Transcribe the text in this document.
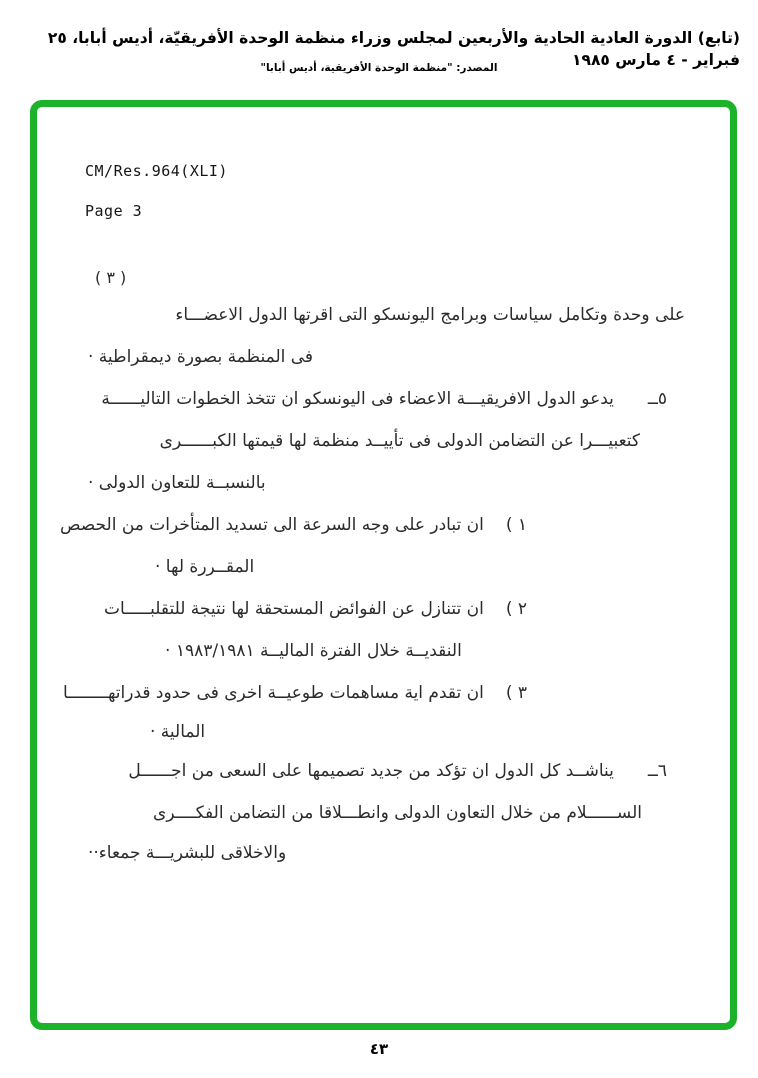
(تابع) الدورة العادية الحادية والأربعين لمجلس وزراء منظمة الوحدة الأفريقيّة، أديس أبابا، ٢٥ فبراير - ٤ مارس ١٩٨٥
المصدر: "منظمة الوحدة الأفريقية، أديس أبابا"
CM/Res.964(XLI)
Page 3
( ٣ )
على وحدة وتكامل سياسات وبرامج اليونسكو التى اقرتها الدول الاعضـــاء
فى المنظمة بصورة ديمقراطية ·
٥ــ
يدعو الدول الافريقيـــة الاعضاء فى اليونسكو ان تتخذ الخطوات التاليــــــة
كتعبيـــرا عن التضامن الدولى فى تأييــد منظمة لها قيمتها الكبــــــرى
بالنسبــة للتعاون الدولى ·
١ )
ان تبادر على وجه السرعة الى تسديد المتأخرات من الحصص
المقــررة لها ·
٢ )
ان تتنازل عن الفوائض المستحقة لها نتيجة للتقلبـــــات
النقديــة خلال الفترة الماليــة ١٩٨٣/١٩٨١ ·
٣ )
ان تقدم اية مساهمات طوعيــة اخرى فى حدود قدراتهــــــــا
المالية ·
٦ــ
يناشــد كل الدول ان تؤكد من جديد تصميمها على السعى من اجــــــل
الســــــلام من خلال التعاون الدولى وانطـــلاقا من التضامن الفكــــرى
والاخلاقى للبشريـــة جمعاء··
٤٣
